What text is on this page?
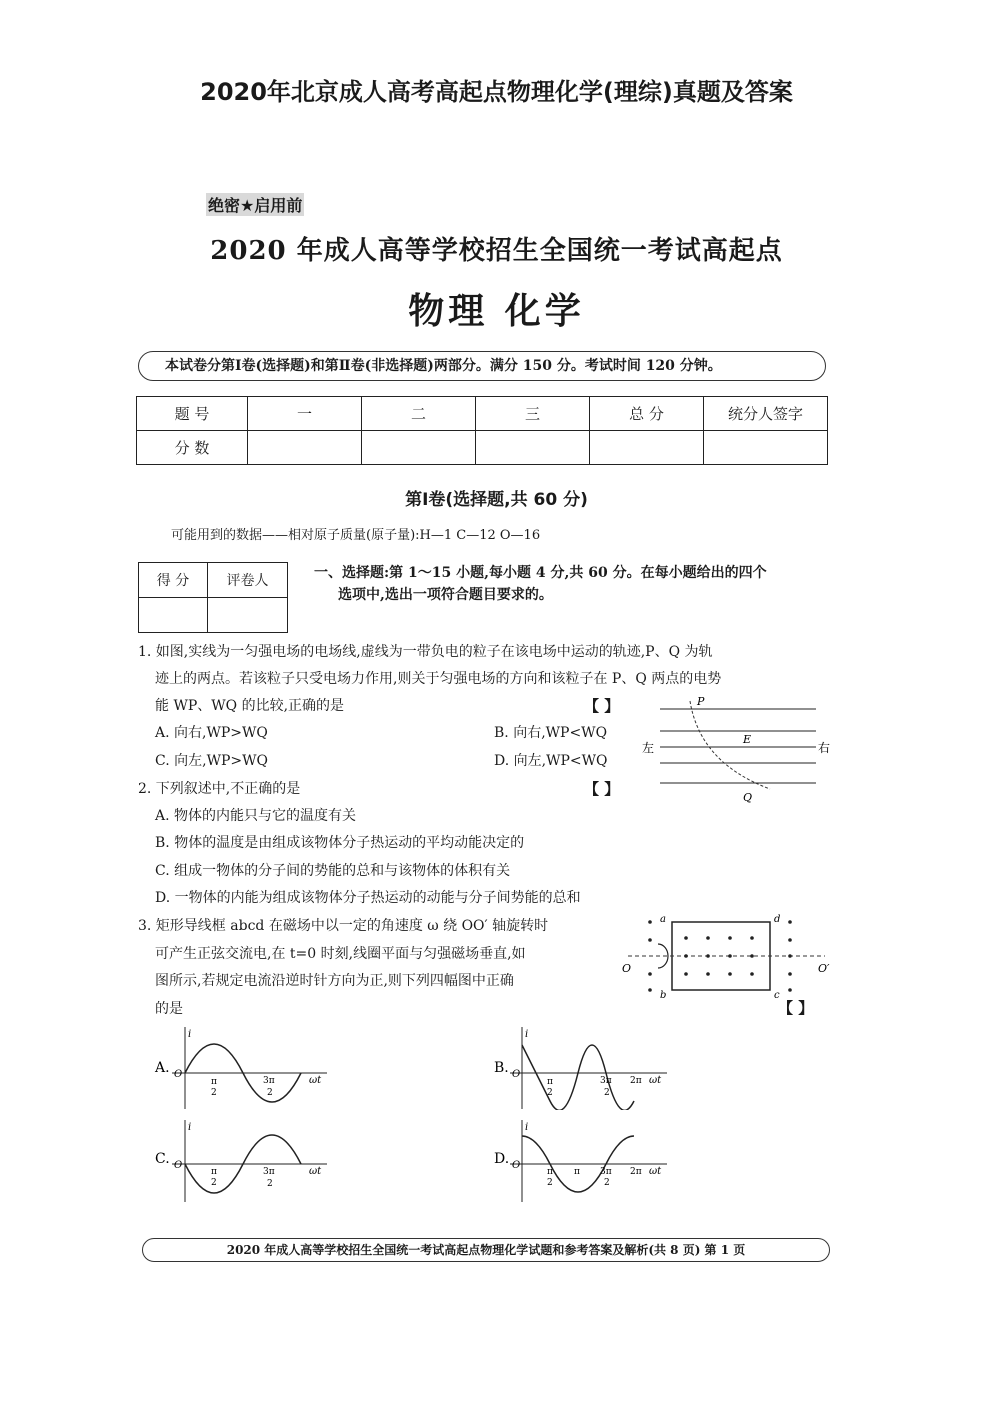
2020年北京成人高考高起点物理化学(理综)真题及答案
绝密★启用前
2020 年成人高等学校招生全国统一考试高起点
物理 化学
本试卷分第Ⅰ卷(选择题)和第Ⅱ卷(非选择题)两部分。满分 150 分。考试时间 120 分钟。
题 号	一	二	三	总 分	统分人签字
分 数					
第Ⅰ卷(选择题,共 60 分)
可能用到的数据——相对原子质量(原子量):H—1 C—12 O—16
得 分	评卷人
		一、选择题:第 1～15 小题,每小题 4 分,共 60 分。在每小题给出的四个
选项中,选出一项符合题目要求的。
1. 如图,实线为一匀强电场的电场线,虚线为一带负电的粒子在该电场中运动的轨迹,P、Q 为轨
迹上的两点。若该粒子只受电场力作用,则关于匀强电场的方向和该粒子在 P、Q 两点的电势
能 WP、WQ 的比较,正确的是	【 】
A. 向右,WP>WQ	B. 向右,WP<WQ
C. 向左,WP>WQ	D. 向左,WP<WQ
P
E
左	右
Q
2. 下列叙述中,不正确的是	【 】
A. 物体的内能只与它的温度有关
B. 物体的温度是由组成该物体分子热运动的平均动能决定的
C. 组成一物体的分子间的势能的总和与该物体的体积有关
D. 一物体的内能为组成该物体分子热运动的动能与分子间势能的总和
3. 矩形导线框 abcd 在磁场中以一定的角速度 ω 绕 OO′ 轴旋转时
可产生正弦交流电,在 t=0 时刻,线圈平面与匀强磁场垂直,如
图所示,若规定电流沿逆时针方向为正,则下列四幅图中正确
的是	【 】
a
b	c
d
O	O′
A.
i
O
ωt
π
2
3π
2
B.
i
O
ωt
π
2
3π
2
2π
C.
i
O
ωt
π
2
3π
2
D.
i
O
ωt
π
2
π 3π
2
2π
2020 年成人高等学校招生全国统一考试高起点物理化学试题和参考答案及解析(共 8 页) 第 1 页
